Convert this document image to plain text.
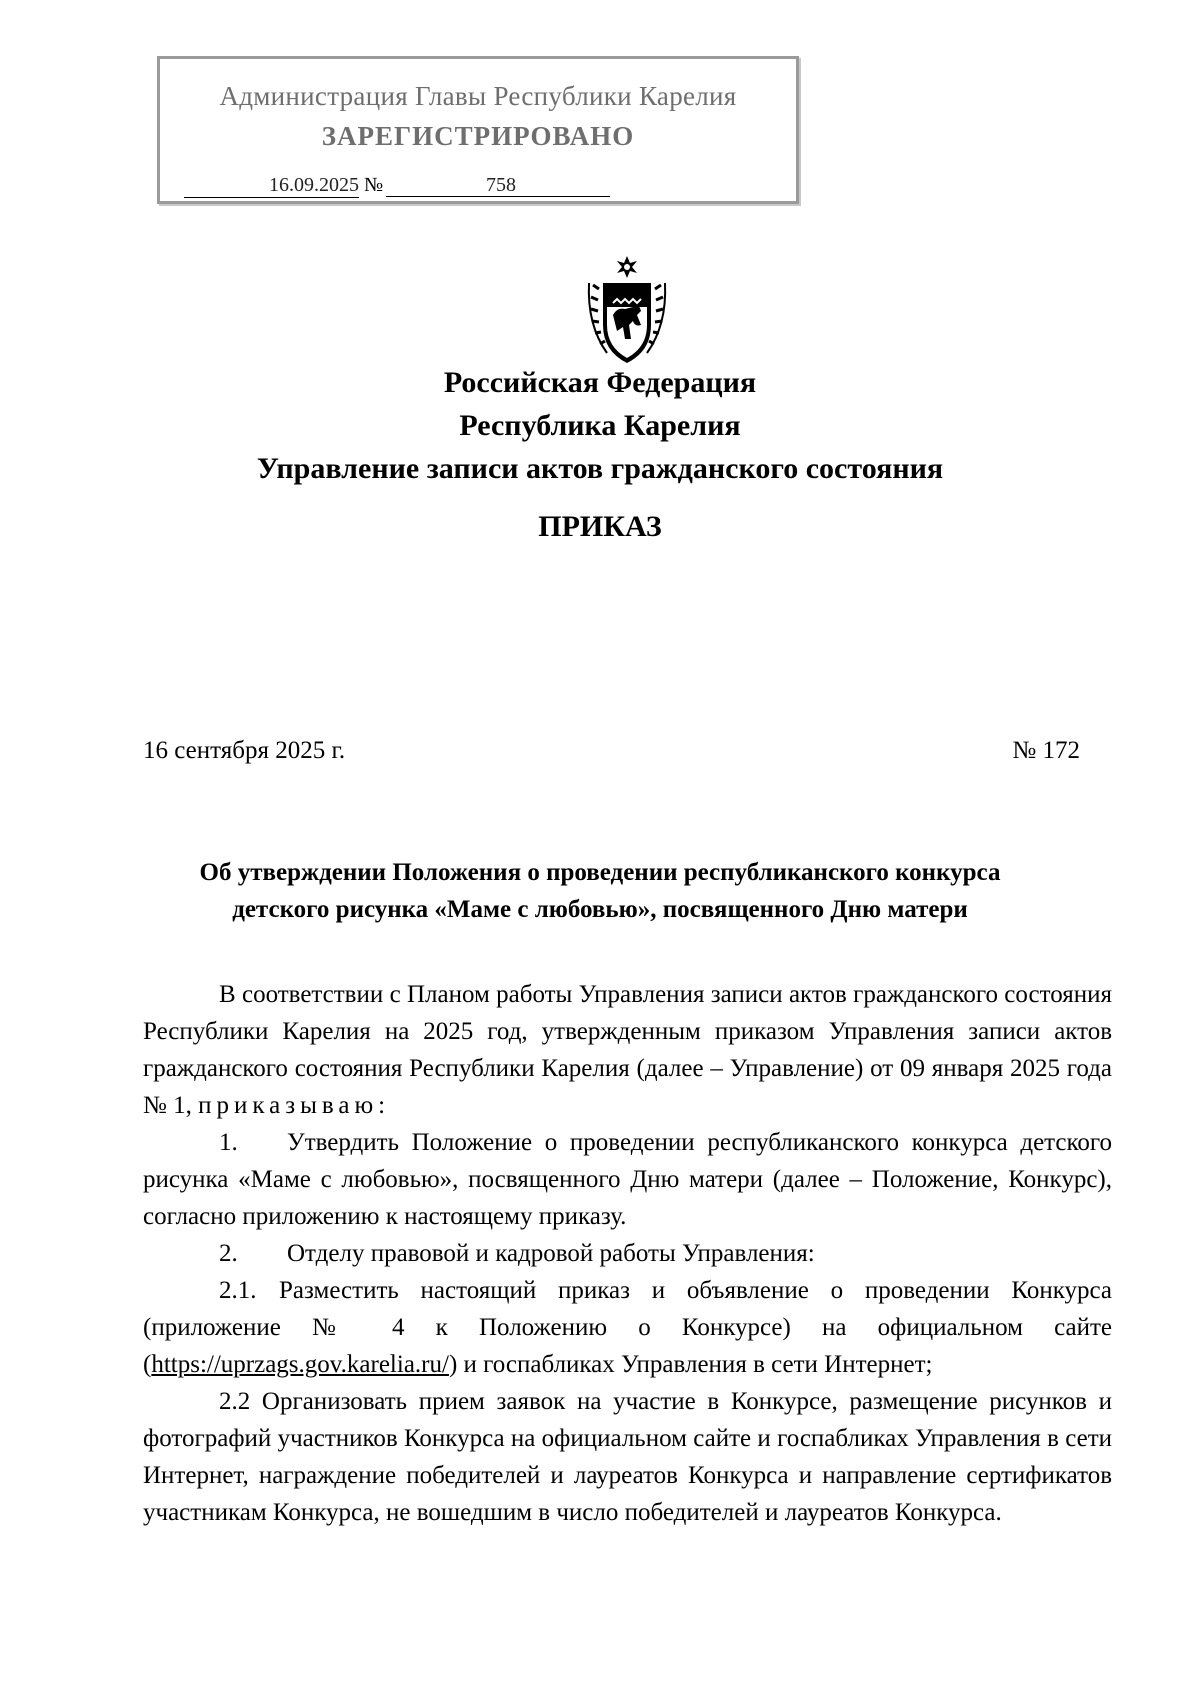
Администрация Главы Республики Карелия
ЗАРЕГИСТРИРОВАНО
16.09.2025 №	758
Российская Федерация
Республика Карелия
Управление записи актов гражданского состояния
ПРИКАЗ
16 сентября 2025 г.	№ 172
Об утверждении Положения о проведении республиканского конкурса
детского рисунка «Маме с любовью», посвященного Дню матери

В соответствии с Планом работы Управления записи актов гражданского состояния Республики Карелия на 2025 год, утвержденным приказом Управления записи актов гражданского состояния Республики Карелия (далее – Управление) от 09 января 2025 года № 1, приказываю:

1. Утвердить Положение о проведении республиканского конкурса детского рисунка «Маме с любовью», посвященного Дню матери (далее – Положение, Конкурс), согласно приложению к настоящему приказу.

2. Отделу правовой и кадровой работы Управления:

2.1. Разместить настоящий приказ и объявление о проведении Конкурса (приложение № 4 к Положению о Конкурсе) на официальном сайте (https://uprzags.gov.karelia.ru/) и госпабликах Управления в сети Интернет;

2.2 Организовать прием заявок на участие в Конкурсе, размещение рисунков и фотографий участников Конкурса на официальном сайте и госпабликах Управления в сети Интернет, награждение победителей и лауреатов Конкурса и направление сертификатов участникам Конкурса, не вошедшим в число победителей и лауреатов Конкурса.
